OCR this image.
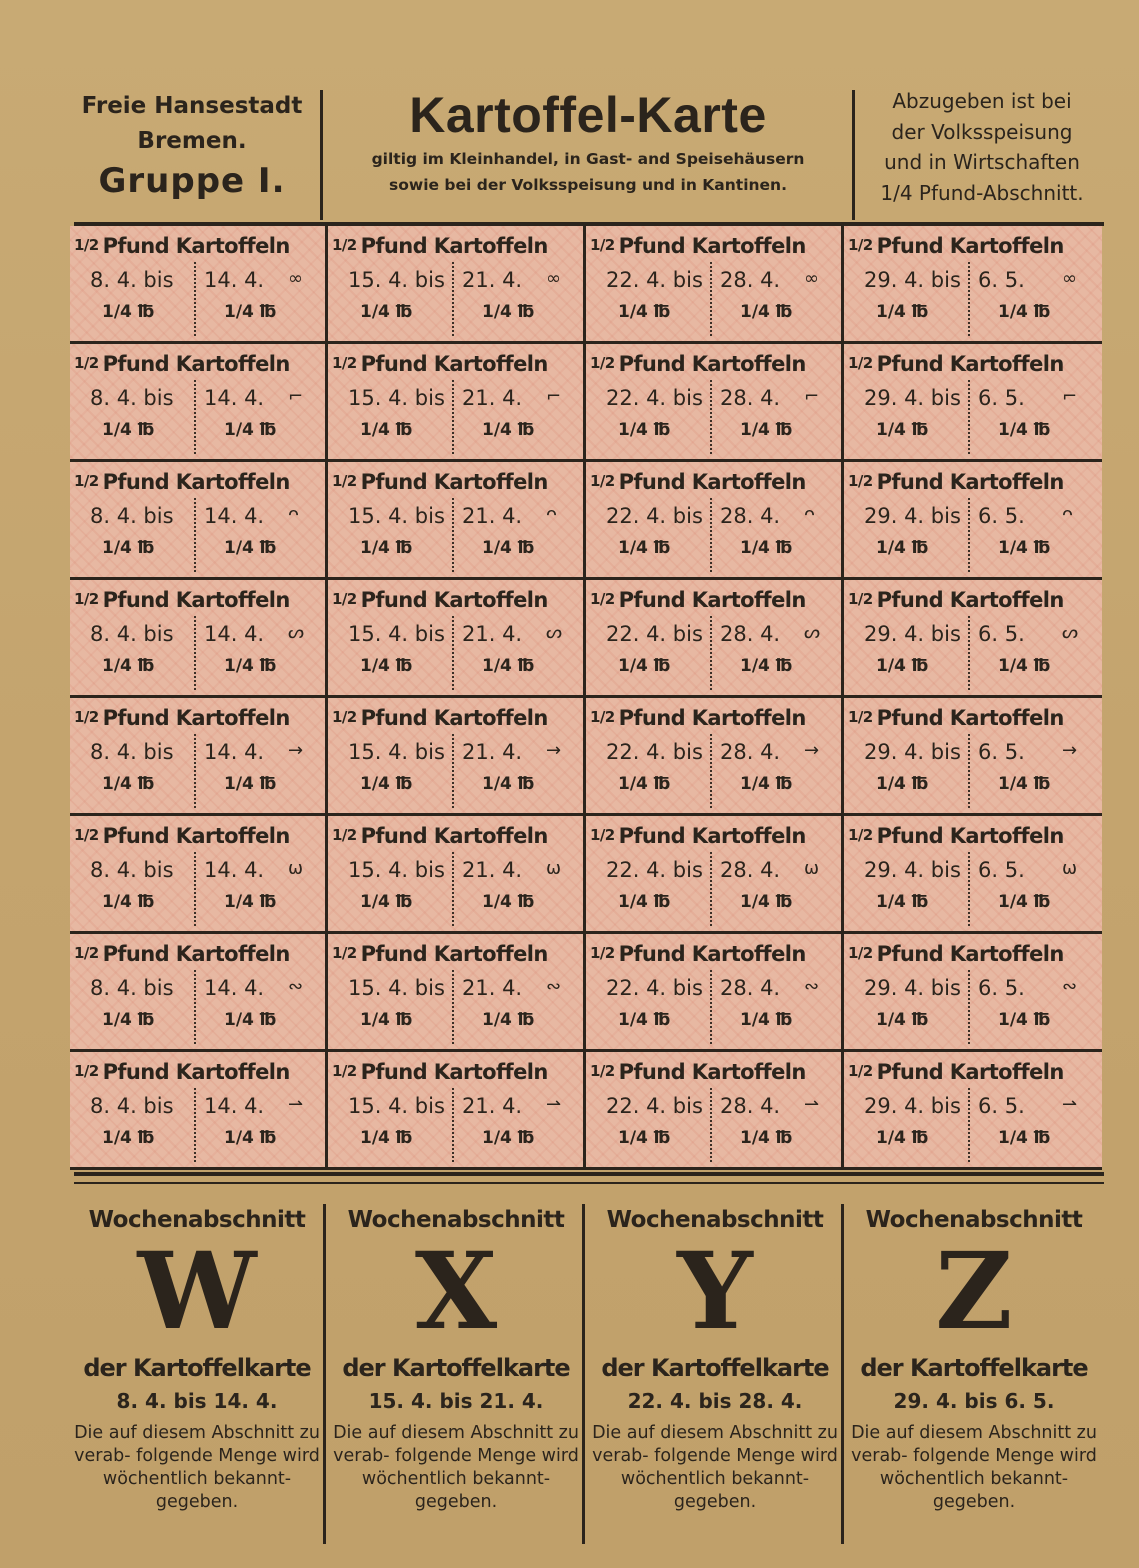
Freie Hansestadt
Bremen.
Gruppe I.
Kartoffel-Karte
giltig im Kleinhandel, in Gast- and Speisehäusern
sowie bei der Volksspeisung und in Kantinen.
Abzugeben ist bei
der Volksspeisung
und in Wirtschaften
1/4 Pfund-Abschnitt.
1/2 Pfund Kartoffeln
8. 4. bis 14. 4. ∞
1/4 ℔	1/4 ℔
1/2 Pfund Kartoffeln
15. 4. bis 21. 4. ∞
1/4 ℔	1/4 ℔
1/2 Pfund Kartoffeln
22. 4. bis 28. 4. ∞
1/4 ℔	1/4 ℔
1/2 Pfund Kartoffeln
29. 4. bis 6. 5. ∞
1/4 ℔	1/4 ℔
1/2 Pfund Kartoffeln
8. 4. bis 14. 4. ⌐
1/4 ℔	1/4 ℔
1/2 Pfund Kartoffeln
15. 4. bis 21. 4. ⌐
1/4 ℔	1/4 ℔
1/2 Pfund Kartoffeln
22. 4. bis 28. 4. ⌐
1/4 ℔	1/4 ℔
1/2 Pfund Kartoffeln
29. 4. bis 6. 5. ⌐
1/4 ℔	1/4 ℔
1/2 Pfund Kartoffeln
8. 4. bis 14. 4. ᴖ
1/4 ℔	1/4 ℔
1/2 Pfund Kartoffeln
15. 4. bis 21. 4. ᴖ
1/4 ℔	1/4 ℔
1/2 Pfund Kartoffeln
22. 4. bis 28. 4. ᴖ
1/4 ℔	1/4 ℔
1/2 Pfund Kartoffeln
29. 4. bis 6. 5. ᴖ
1/4 ℔	1/4 ℔
1/2 Pfund Kartoffeln
8. 4. bis 14. 4. ᔕ
1/4 ℔	1/4 ℔
1/2 Pfund Kartoffeln
15. 4. bis 21. 4. ᔕ
1/4 ℔	1/4 ℔
1/2 Pfund Kartoffeln
22. 4. bis 28. 4. ᔕ
1/4 ℔	1/4 ℔
1/2 Pfund Kartoffeln
29. 4. bis 6. 5. ᔕ
1/4 ℔	1/4 ℔
1/2 Pfund Kartoffeln
8. 4. bis 14. 4. →
1/4 ℔	1/4 ℔
1/2 Pfund Kartoffeln
15. 4. bis 21. 4. →
1/4 ℔	1/4 ℔
1/2 Pfund Kartoffeln
22. 4. bis 28. 4. →
1/4 ℔	1/4 ℔
1/2 Pfund Kartoffeln
29. 4. bis 6. 5. →
1/4 ℔	1/4 ℔
1/2 Pfund Kartoffeln
8. 4. bis 14. 4. ω
1/4 ℔	1/4 ℔
1/2 Pfund Kartoffeln
15. 4. bis 21. 4. ω
1/4 ℔	1/4 ℔
1/2 Pfund Kartoffeln
22. 4. bis 28. 4. ω
1/4 ℔	1/4 ℔
1/2 Pfund Kartoffeln
29. 4. bis 6. 5. ω
1/4 ℔	1/4 ℔
1/2 Pfund Kartoffeln
8. 4. bis 14. 4. ∾
1/4 ℔	1/4 ℔
1/2 Pfund Kartoffeln
15. 4. bis 21. 4. ∾
1/4 ℔	1/4 ℔
1/2 Pfund Kartoffeln
22. 4. bis 28. 4. ∾
1/4 ℔	1/4 ℔
1/2 Pfund Kartoffeln
29. 4. bis 6. 5. ∾
1/4 ℔	1/4 ℔
1/2 Pfund Kartoffeln
8. 4. bis 14. 4. ⇀
1/4 ℔	1/4 ℔
1/2 Pfund Kartoffeln
15. 4. bis 21. 4. ⇀
1/4 ℔	1/4 ℔
1/2 Pfund Kartoffeln
22. 4. bis 28. 4. ⇀
1/4 ℔	1/4 ℔
1/2 Pfund Kartoffeln
29. 4. bis 6. 5. ⇀
1/4 ℔	1/4 ℔
Wochenabschnitt
W
der Kartoffelkarte
8. 4. bis 14. 4.
Die auf diesem Abschnitt zu verab- folgende Menge wird wöchentlich bekannt- gegeben.
Wochenabschnitt
X
der Kartoffelkarte
15. 4. bis 21. 4.
Die auf diesem Abschnitt zu verab- folgende Menge wird wöchentlich bekannt- gegeben.
Wochenabschnitt
Y
der Kartoffelkarte
22. 4. bis 28. 4.
Die auf diesem Abschnitt zu verab- folgende Menge wird wöchentlich bekannt- gegeben.
Wochenabschnitt
Z
der Kartoffelkarte
29. 4. bis 6. 5.
Die auf diesem Abschnitt zu verab- folgende Menge wird wöchentlich bekannt- gegeben.
